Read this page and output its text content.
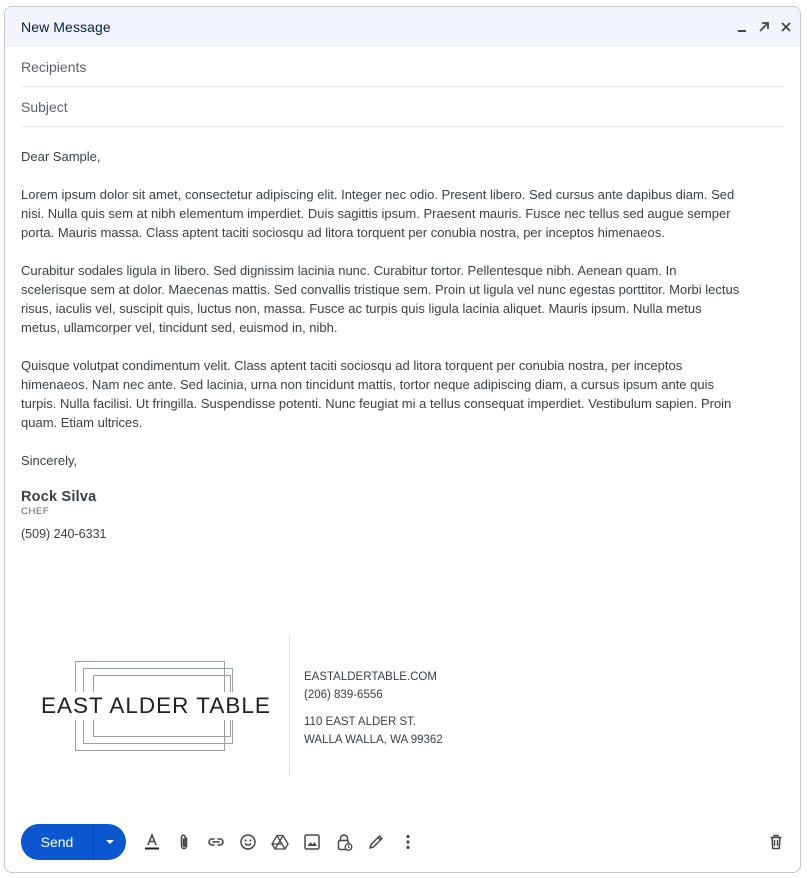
New Message
Recipients
Subject

Dear Sample,

Lorem ipsum dolor sit amet, consectetur adipiscing elit. Integer nec odio. Present libero. Sed cursus ante dapibus diam. Sed nisi. Nulla quis sem at nibh elementum imperdiet. Duis sagittis ipsum. Praesent mauris. Fusce nec tellus sed augue semper porta. Mauris massa. Class aptent taciti sociosqu ad litora torquent per conubia nostra, per inceptos himenaeos.

Curabitur sodales ligula in libero. Sed dignissim lacinia nunc. Curabitur tortor. Pellentesque nibh. Aenean quam. In scelerisque sem at dolor. Maecenas mattis. Sed convallis tristique sem. Proin ut ligula vel nunc egestas porttitor. Morbi lectus risus, iaculis vel, suscipit quis, luctus non, massa. Fusce ac turpis quis ligula lacinia aliquet. Mauris ipsum. Nulla metus metus, ullamcorper vel, tincidunt sed, euismod in, nibh.

Quisque volutpat condimentum velit. Class aptent taciti sociosqu ad litora torquent per conubia nostra, per inceptos himenaeos. Nam nec ante. Sed lacinia, urna non tincidunt mattis, tortor neque adipiscing diam, a cursus ipsum ante quis turpis. Nulla facilisi. Ut fringilla. Suspendisse potenti. Nunc feugiat mi a tellus consequat imperdiet. Vestibulum sapien. Proin quam. Etiam ultrices.

Sincerely,

Rock Silva
CHEF
(509) 240-6331
EAST ALDER TABLE
EASTALDERTABLE.COM
(206) 839-6556
110 EAST ALDER ST.
WALLA WALLA, WA 99362
Send
